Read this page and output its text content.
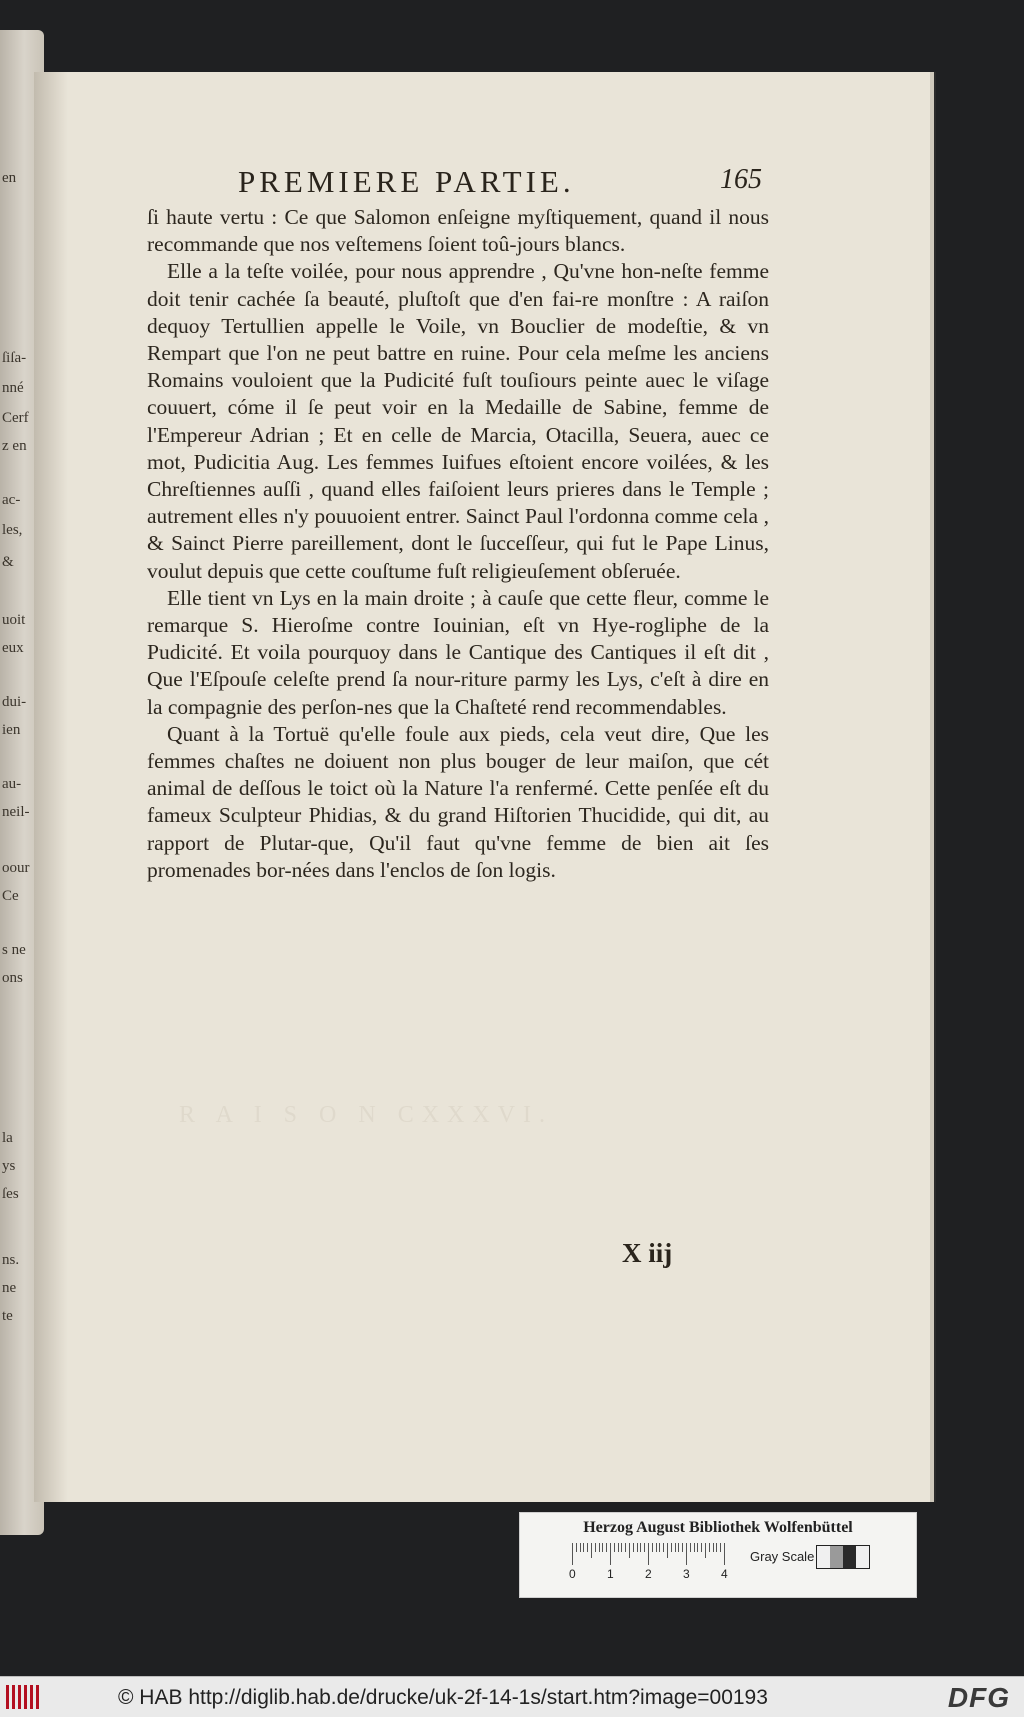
en
ſiſa-
nné
Cerf
z en
ac-
les,
&
uoit
eux
dui-
ien
au-
neil-
oour
Ce
s ne
ons
la
ys
ſes
ns.
ne
te
PREMIERE PARTIE.	165

ſi haute vertu : Ce que Salomon enſeigne myſtiquement, quand il nous recommande que nos veſtemens ſoient toû-jours blancs.

Elle a la teſte voilée, pour nous apprendre , Qu'vne hon-neſte femme doit tenir cachée ſa beauté, pluſtoſt que d'en fai-re monſtre : A raiſon dequoy Tertullien appelle le Voile, vn Bouclier de modeſtie, & vn Rempart que l'on ne peut battre en ruine. Pour cela meſme les anciens Romains vouloient que la Pudicité fuſt touſiours peinte auec le viſage couuert, cóme il ſe peut voir en la Medaille de Sabine, femme de l'Empereur Adrian ; Et en celle de Marcia, Otacilla, Seuera, auec ce mot, Pudicitia Aug. Les femmes Iuifues eſtoient encore voilées, & les Chreſtiennes auſſi , quand elles faiſoient leurs prieres dans le Temple ; autrement elles n'y pouuoient entrer. Sainct Paul l'ordonna comme cela , & Sainct Pierre pareillement, dont le ſucceſſeur, qui fut le Pape Linus, voulut depuis que cette couſtume fuſt religieuſement obſeruée.

Elle tient vn Lys en la main droite ; à cauſe que cette fleur, comme le remarque S. Hieroſme contre Iouinian, eſt vn Hye-rogliphe de la Pudicité. Et voila pourquoy dans le Cantique des Cantiques il eſt dit , Que l'Eſpouſe celeſte prend ſa nour-riture parmy les Lys, c'eſt à dire en la compagnie des perſon-nes que la Chaſteté rend recommendables.

Quant à la Tortuë qu'elle foule aux pieds, cela veut dire, Que les femmes chaſtes ne doiuent non plus bouger de leur maiſon, que cét animal de deſſous le toict où la Nature l'a renfermé. Cette penſée eſt du fameux Sculpteur Phidias, & du grand Hiſtorien Thucidide, qui dit, au rapport de Plutar-que, Qu'il faut qu'vne femme de bien ait ſes promenades bor-nées dans l'enclos de ſon logis.

R A I S O N CXXXVI.
X iij
Herzog August Bibliothek Wolfenbüttel
0	1	2	3	4
Gray Scale
© HAB http://diglib.hab.de/drucke/uk-2f-14-1s/start.htm?image=00193	DFG
